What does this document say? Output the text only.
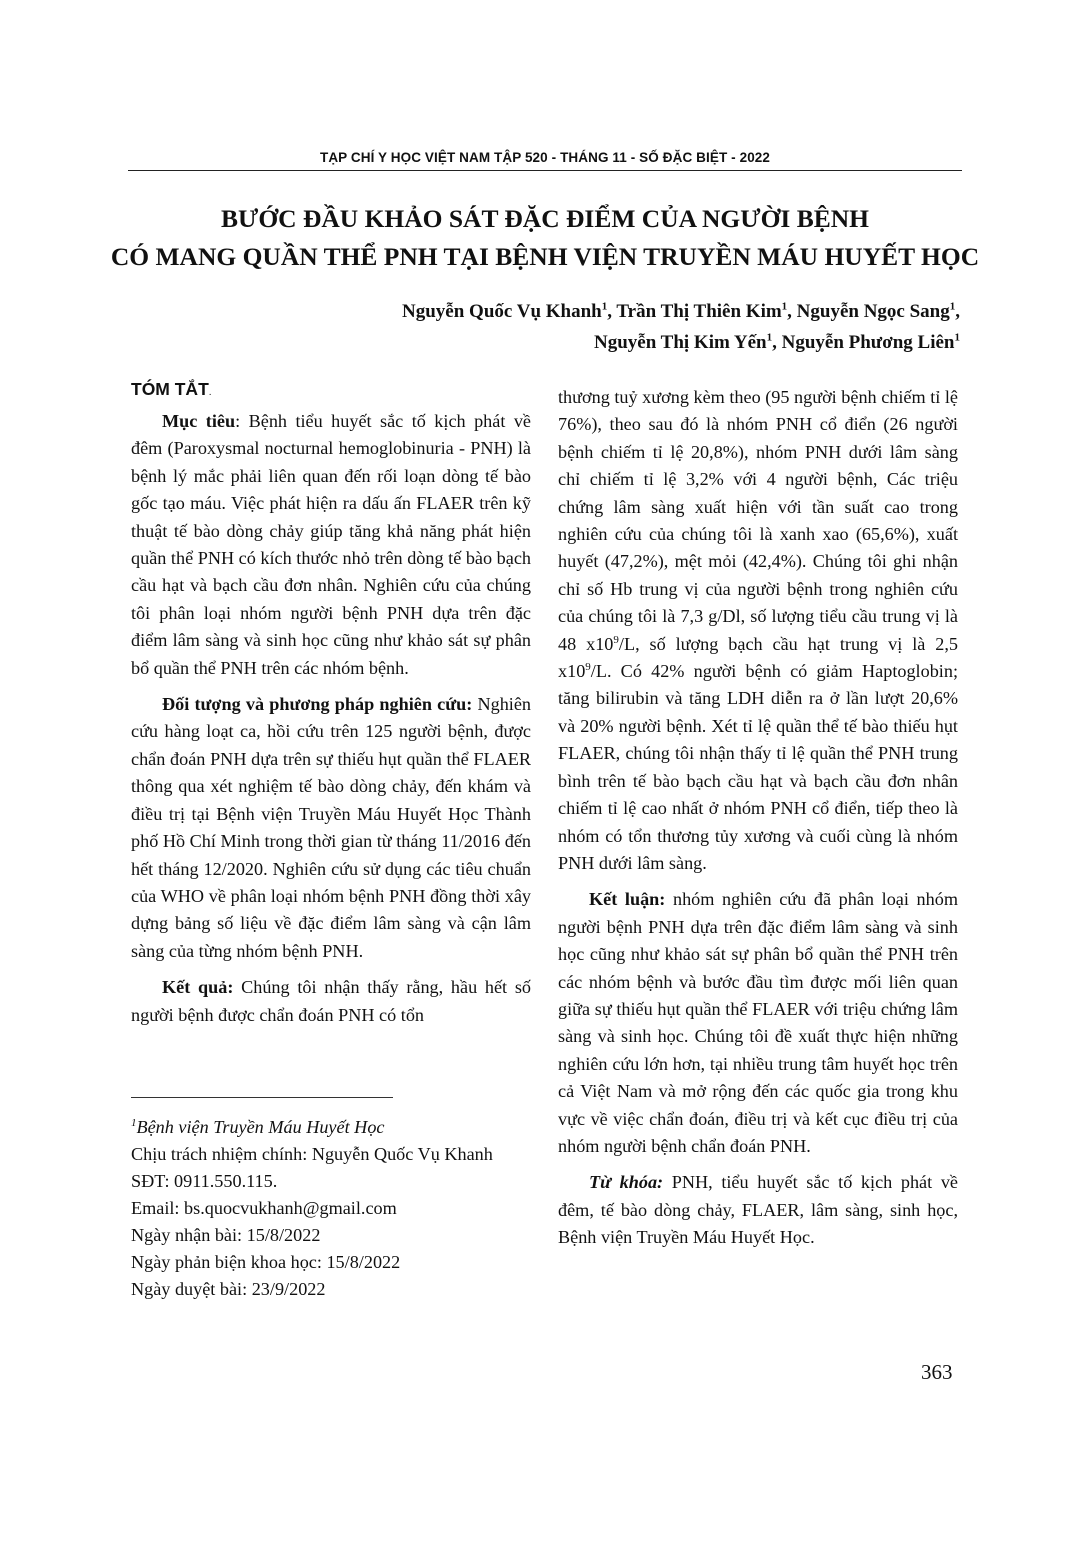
TẠP CHÍ Y HỌC VIỆT NAM TẬP 520 - THÁNG 11 - SỐ ĐẶC BIỆT - 2022
BƯỚC ĐẦU KHẢO SÁT ĐẶC ĐIỂM CỦA NGƯỜI BỆNH
CÓ MANG QUẦN THỂ PNH TẠI BỆNH VIỆN TRUYỀN MÁU HUYẾT HỌC
Nguyễn Quốc Vụ Khanh$^1$, Trần Thị Thiên Kim$^1$, Nguyễn Ngọc Sang$^1$,
Nguyễn Thị Kim Yến$^1$, Nguyễn Phương Liên$^1$
TÓM TẮT.

Mục tiêu: Bệnh tiểu huyết sắc tố kịch phát về đêm (Paroxysmal nocturnal hemoglobinuria - PNH) là bệnh lý mắc phải liên quan đến rối loạn dòng tế bào gốc tạo máu. Việc phát hiện ra dấu ấn FLAER trên kỹ thuật tế bào dòng chảy giúp tăng khả năng phát hiện quần thể PNH có kích thước nhỏ trên dòng tế bào bạch cầu hạt và bạch cầu đơn nhân. Nghiên cứu của chúng tôi phân loại nhóm người bệnh PNH dựa trên đặc điểm lâm sàng và sinh học cũng như khảo sát sự phân bổ quần thể PNH trên các nhóm bệnh.

Đối tượng và phương pháp nghiên cứu: Nghiên cứu hàng loạt ca, hồi cứu trên 125 người bệnh, được chẩn đoán PNH dựa trên sự thiếu hụt quần thể FLAER thông qua xét nghiệm tế bào dòng chảy, đến khám và điều trị tại Bệnh viện Truyền Máu Huyết Học Thành phố Hồ Chí Minh trong thời gian từ tháng 11/2016 đến hết tháng 12/2020. Nghiên cứu sử dụng các tiêu chuẩn của WHO về phân loại nhóm bệnh PNH đồng thời xây dựng bảng số liệu về đặc điểm lâm sàng và cận lâm sàng của từng nhóm bệnh PNH.

Kết quả: Chúng tôi nhận thấy rằng, hầu hết số người bệnh được chẩn đoán PNH có tổn

$^1$Bệnh viện Truyền Máu Huyết Học
Chịu trách nhiệm chính: Nguyễn Quốc Vụ Khanh
SĐT: 0911.550.115.
Email: bs.quocvukhanh@gmail.com
Ngày nhận bài: 15/8/2022
Ngày phản biện khoa học: 15/8/2022
Ngày duyệt bài: 23/9/2022

thương tuỷ xương kèm theo (95 người bệnh chiếm tỉ lệ 76%), theo sau đó là nhóm PNH cổ điển (26 người bệnh chiếm tỉ lệ 20,8%), nhóm PNH dưới lâm sàng chỉ chiếm tỉ lệ 3,2% với 4 người bệnh, Các triệu chứng lâm sàng xuất hiện với tần suất cao trong nghiên cứu của chúng tôi là xanh xao (65,6%), xuất huyết (47,2%), mệt mỏi (42,4%). Chúng tôi ghi nhận chỉ số Hb trung vị của người bệnh trong nghiên cứu của chúng tôi là 7,3 g/Dl, số lượng tiểu cầu trung vị là 48 $x10^9/L$, số lượng bạch cầu hạt trung vị là 2,5 $x10^9/L$. Có 42% người bệnh có giảm Haptoglobin; tăng bilirubin và tăng LDH diễn ra ở lần lượt 20,6% và 20% người bệnh. Xét tỉ lệ quần thể tế bào thiếu hụt FLAER, chúng tôi nhận thấy tỉ lệ quần thể PNH trung bình trên tế bào bạch cầu hạt và bạch cầu đơn nhân chiếm tỉ lệ cao nhất ở nhóm PNH cổ điển, tiếp theo là nhóm có tổn thương tủy xương và cuối cùng là nhóm PNH dưới lâm sàng.

Kết luận: nhóm nghiên cứu đã phân loại nhóm người bệnh PNH dựa trên đặc điểm lâm sàng và sinh học cũng như khảo sát sự phân bổ quần thể PNH trên các nhóm bệnh và bước đầu tìm được mối liên quan giữa sự thiếu hụt quần thể FLAER với triệu chứng lâm sàng và sinh học. Chúng tôi đề xuất thực hiện những nghiên cứu lớn hơn, tại nhiều trung tâm huyết học trên cả Việt Nam và mở rộng đến các quốc gia trong khu vực về việc chẩn đoán, điều trị và kết cục điều trị của nhóm người bệnh chẩn đoán PNH.

Từ khóa: PNH, tiểu huyết sắc tố kịch phát về đêm, tế bào dòng chảy, FLAER, lâm sàng, sinh học, Bệnh viện Truyền Máu Huyết Học.

363
